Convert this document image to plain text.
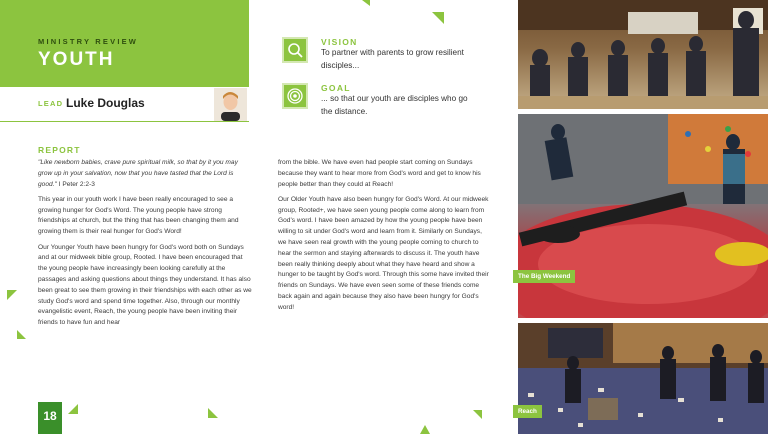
MINISTRY REVIEW
YOUTH
LEAD Luke Douglas
VISION
To partner with parents to grow resilient disciples...
GOAL
... so that our youth are disciples who go the distance.
REPORT

"Like newborn babies, crave pure spiritual milk, so that by it you may grow up in your salvation, now that you have tasted that the Lord is good." I Peter 2:2-3

This year in our youth work I have been really encouraged to see a growing hunger for God's Word. The young people have strong friendships at church, but the thing that has been changing them and growing them is their real hunger for God's Word!

Our Younger Youth have been hungry for God's word both on Sundays and at our midweek bible group, Rooted. I have been encouraged that the young people have increasingly been looking carefully at the passages and asking questions about things they understand. It has also been great to see them growing in their friendships with each other as we study God's word and spend time together. Also, through our monthly evangelistic event, Reach, the young people have been inviting their friends to have fun and hear

from the bible. We have even had people start coming on Sundays because they want to hear more from God's word and get to know his people better than they could at Reach!

Our Older Youth have also been hungry for God's Word. At our midweek group, Rooted+, we have seen young people come along to learn from God's word. I have been amazed by how the young people have been willing to sit under God's word and learn from it. Similarly on Sundays, we have seen real growth with the young people coming to church to hear the sermon and staying afterwards to discuss it. The youth have been really thinking deeply about what they have heard and show a hunger to be taught by God's word. Through this some have invited their friends on Sundays. We have even seen some of these friends come back again and again because they also have been hungry for God's word!

The Big Weekend
Reach
18
